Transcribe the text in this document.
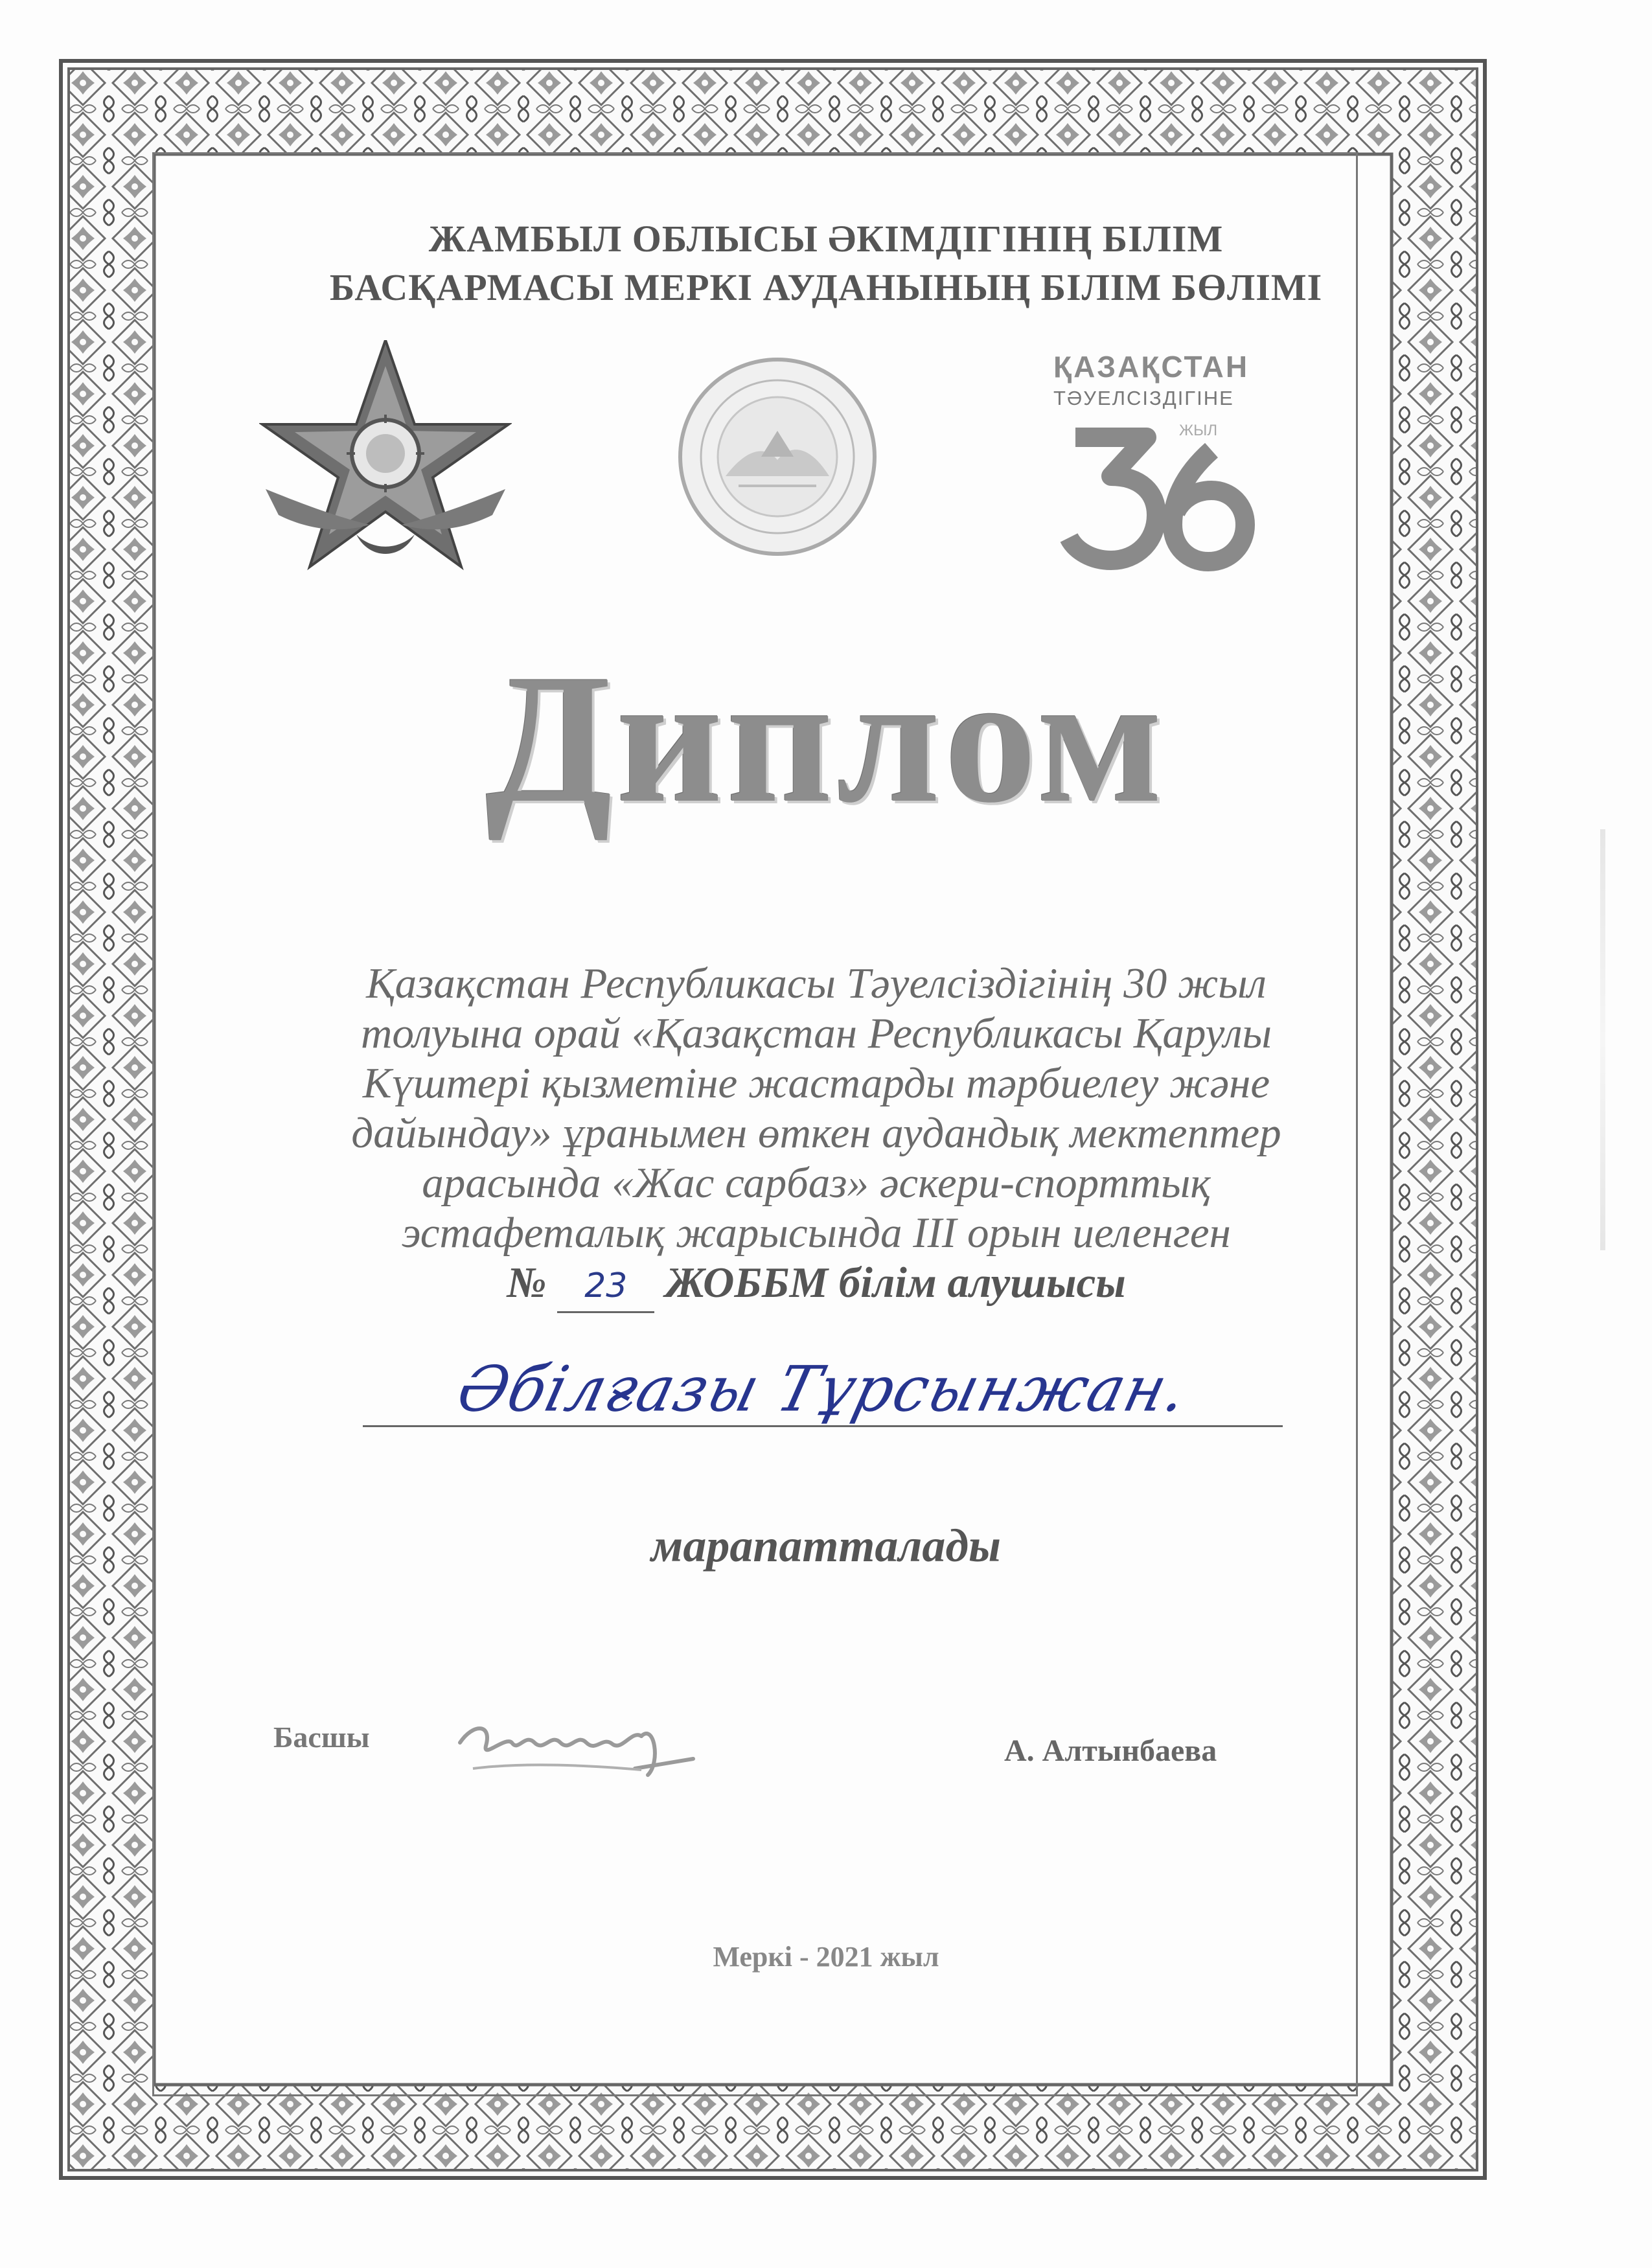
ЖАМБЫЛ ОБЛЫСЫ ӘКІМДІГІНІҢ БІЛІМ
БАСҚАРМАСЫ МЕРКІ АУДАНЫНЫҢ БІЛІМ БӨЛІМІ
ҚАЗАҚСТАН
ТӘУЕЛСІЗДІГІНЕ
ЖЫЛ
Диплом
Қазақстан Республикасы Тәуелсіздігінің 30 жыл
толуына орай «Қазақстан Республикасы Қарулы
Күштері қызметіне жастарды тәрбиелеу және
дайындау» ұранымен өткен аудандық мектептер
арасында «Жас сарбаз» әскери-спорттық
эстафеталық жарысында III орын иеленген
№ 23 ЖОББМ білім алушысы
Әбілғазы Тұрсынжан.
марапатталады
Басшы	А. Алтынбаева
Меркі - 2021 жыл
